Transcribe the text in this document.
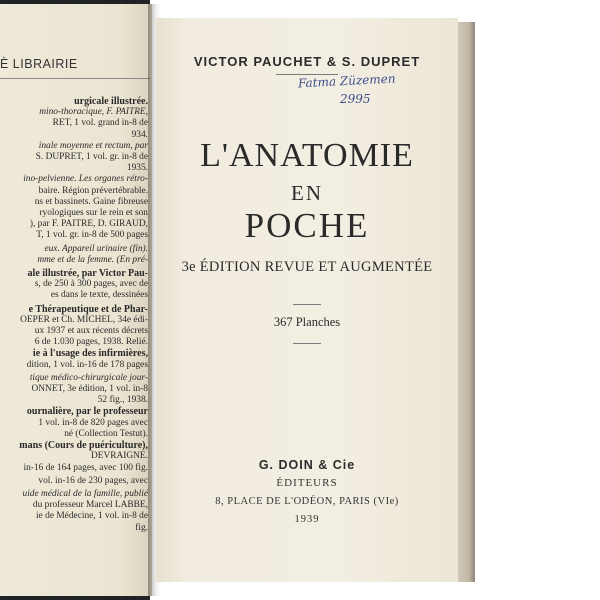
È LIBRAIRIE
urgicale illustrée.
mino-thoracique, F. PAITRE,
RET, 1 vol. grand in-8 de
934.
inale moyenne et rectum, par
S. DUPRET, 1 vol. gr. in-8 de
1935.
ino-pelvienne. Les organes rétro-
baire. Région prévertébrable.
ns et bassinets. Gaine fibreuse
ryologiques sur le rein et son
), par F. PAITRE, D. GIRAUD,
T, 1 vol. gr. in-8 de 500 pages
eux. Appareil urinaire (fin).
mme et de la femme. (En pré-
ale illustrée, par Victor Pau-
s, de 250 à 300 pages, avec de
es dans le texte, dessinées
e Thérapeutique et de Phar-
OEPER et Ch. MICHEL, 34e édi-
ux 1937 et aux récents décrets
6 de 1.030 pages, 1938. Relié.
ie à l'usage des infirmières,
dition, 1 vol. in-16 de 178 pages
tique médico-chirurgicale jour-
ONNET, 3e édition, 1 vol. in-8
52 fig., 1938.
ournalière, par le professeur
1 vol. in-8 de 820 pages avec
né (Collection Testut).
mans (Cours de puériculture),
DEVRAIGNE.
in-16 de 164 pages, avec 100 fig.
vol. in-16 de 230 pages, avec
uide médical de la famille, publié
du professeur Marcel LABBÉ,
ie de Médecine, 1 vol. in-8 de
fig.
VICTOR PAUCHET & S. DUPRET
Fatma Züzemen
2995
L'ANATOMIE
EN
POCHE
3e ÉDITION REVUE ET AUGMENTÉE
367 Planches
G. DOIN & Cie
ÉDITEURS
8, PLACE DE L'ODÉON, PARIS (VIe)
1939
